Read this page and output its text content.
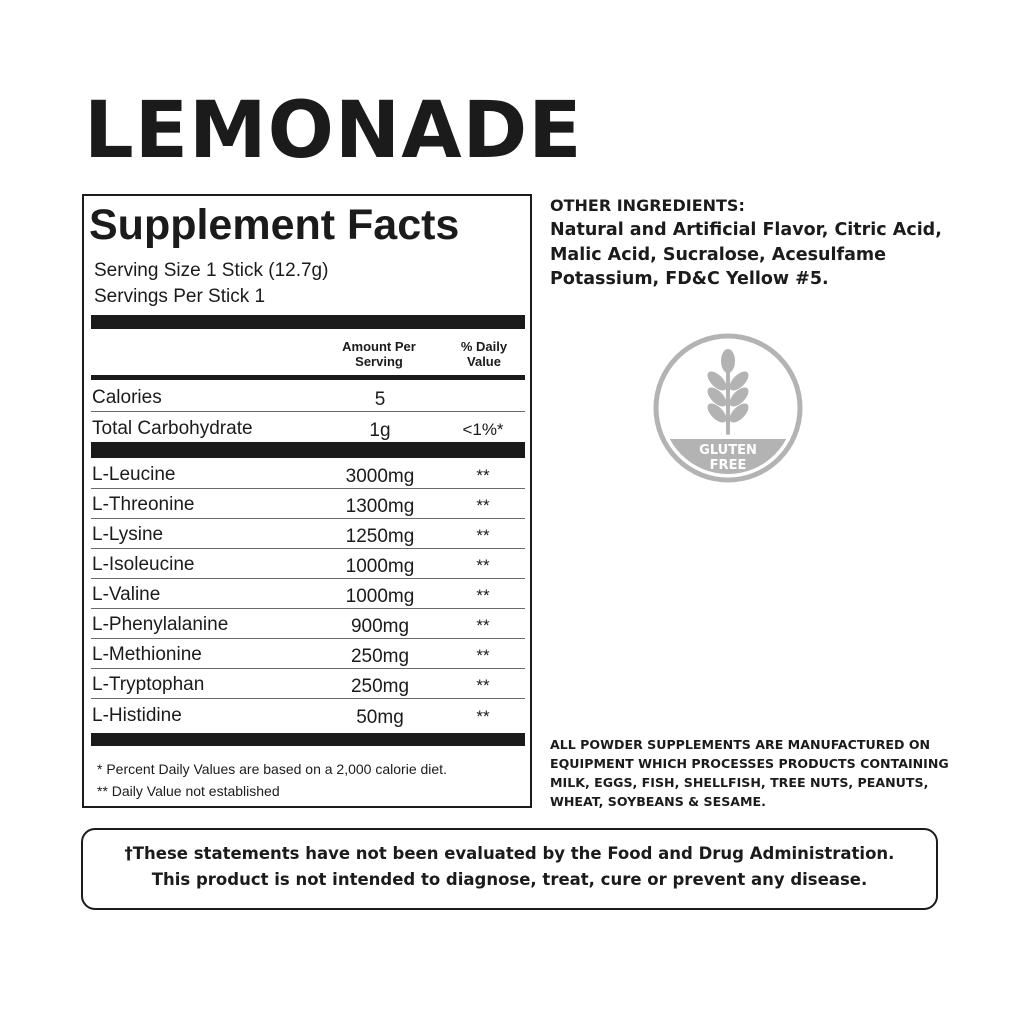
LEMONADE
Supplement Facts
Serving Size 1 Stick (12.7g)
Servings Per Stick 1
Amount Per
Serving
% Daily
Value
Calories	5
Total Carbohydrate	1g	<1%*
L-Leucine	3000mg	**
L-Threonine	1300mg	**
L-Lysine	1250mg	**
L-Isoleucine	1000mg	**
L-Valine	1000mg	**
L-Phenylalanine	900mg	**
L-Methionine	250mg	**
L-Tryptophan	250mg	**
L-Histidine	50mg	**
* Percent Daily Values are based on a 2,000 calorie diet.
** Daily Value not established
OTHER INGREDIENTS:

Natural and Artificial Flavor, Citric Acid, Malic Acid, Sucralose, Acesulfame Potassium, FD&C Yellow #5.

GLUTEN
FREE

ALL POWDER SUPPLEMENTS ARE MANUFACTURED ON EQUIPMENT WHICH PROCESSES PRODUCTS CONTAINING MILK, EGGS, FISH, SHELLFISH, TREE NUTS, PEANUTS, WHEAT, SOYBEANS & SESAME.

†These statements have not been evaluated by the Food and Drug Administration.
This product is not intended to diagnose, treat, cure or prevent any disease.
